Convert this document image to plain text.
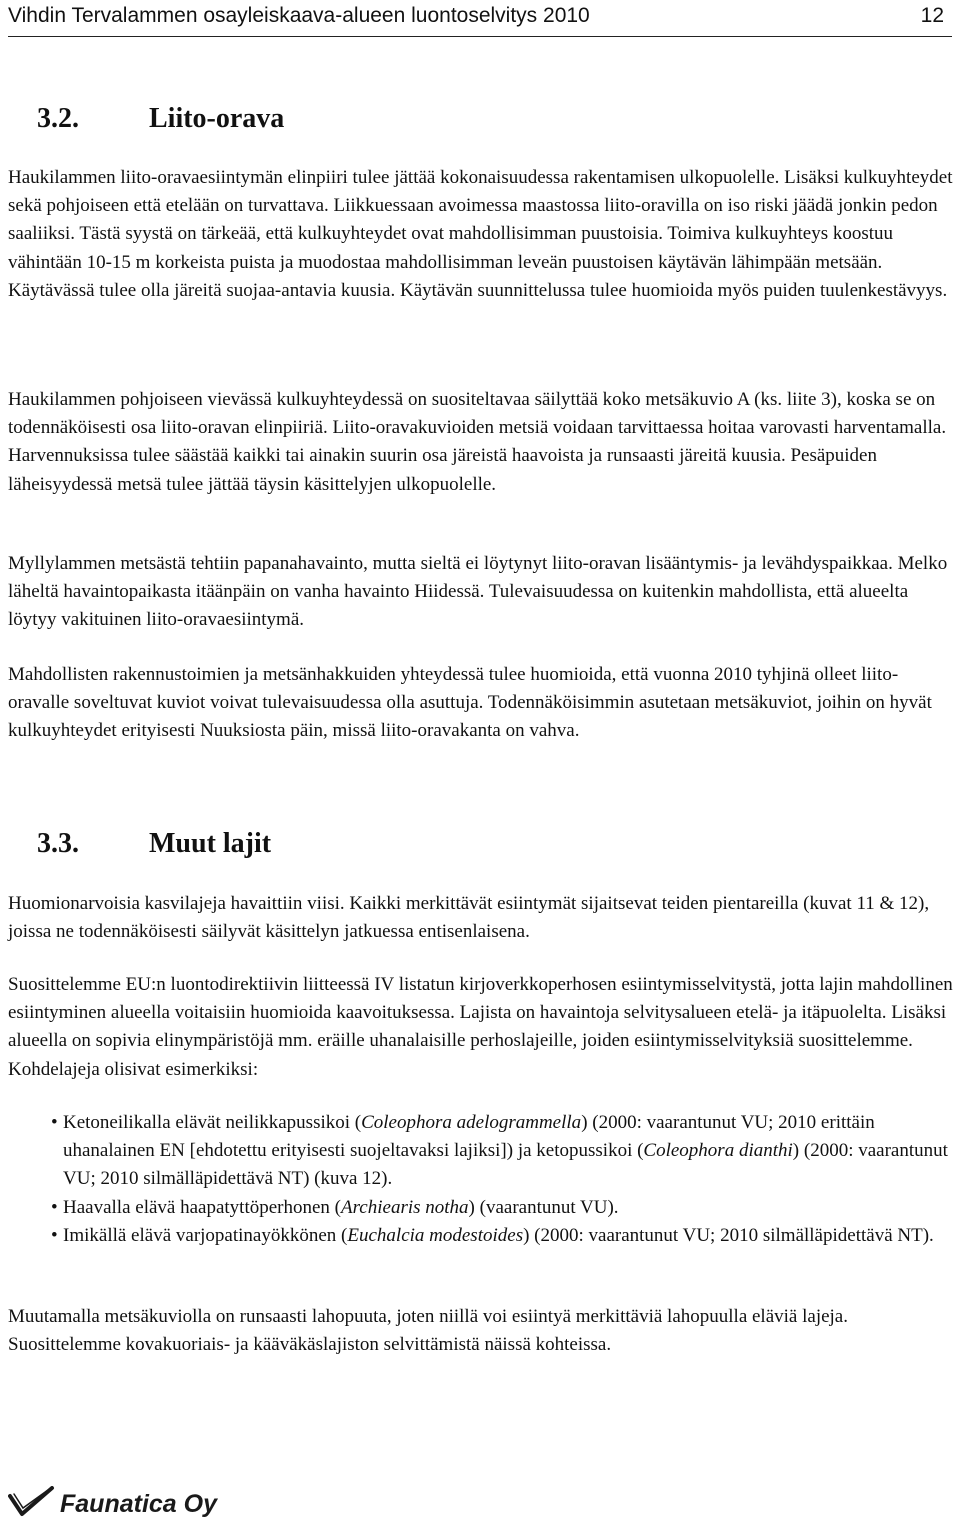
Vihdin Tervalammen osayleiskaava-alueen luontoselvitys 2010	12
3.2.	Liito-orava

Haukilammen liito-oravaesiintymän elinpiiri tulee jättää kokonaisuudessa rakentamisen ulkopuolelle. Lisäksi kulkuyhteydet sekä pohjoiseen että etelään on turvattava. Liikkuessaan avoimessa maastossa liito-oravilla on iso riski jäädä jonkin pedon saaliiksi. Tästä syystä on tärkeää, että kulkuyhteydet ovat mahdollisimman puustoisia. Toimiva kulkuyhteys koostuu vähintään 10-15 m korkeista puista ja muodostaa mahdollisimman leveän puustoisen käytävän lähimpään metsään. Käytävässä tulee olla järeitä suojaa-antavia kuusia. Käytävän suunnittelussa tulee huomioida myös puiden tuulenkestävyys.

Haukilammen pohjoiseen vievässä kulkuyhteydessä on suositeltavaa säilyttää koko metsäkuvio A (ks. liite 3), koska se on todennäköisesti osa liito-oravan elinpiiriä. Liito-oravakuvioiden metsiä voidaan tarvittaessa hoitaa varovasti harventamalla. Harvennuksissa tulee säästää kaikki tai ainakin suurin osa järeistä haavoista ja runsaasti järeitä kuusia. Pesäpuiden läheisyydessä metsä tulee jättää täysin käsittelyjen ulkopuolelle.

Myllylammen metsästä tehtiin papanahavainto, mutta sieltä ei löytynyt liito-oravan lisääntymis- ja levähdyspaikkaa. Melko läheltä havaintopaikasta itäänpäin on vanha havainto Hiidessä. Tulevaisuudessa on kuitenkin mahdollista, että alueelta löytyy vakituinen liito-oravaesiintymä.

Mahdollisten rakennustoimien ja metsänhakkuiden yhteydessä tulee huomioida, että vuonna 2010 tyhjinä olleet liito-oravalle soveltuvat kuviot voivat tulevaisuudessa olla asuttuja. Todennäköisimmin asutetaan metsäkuviot, joihin on hyvät kulkuyhteydet erityisesti Nuuksiosta päin, missä liito-oravakanta on vahva.

3.3.	Muut lajit

Huomionarvoisia kasvilajeja havaittiin viisi. Kaikki merkittävät esiintymät sijaitsevat teiden pientareilla (kuvat 11 & 12), joissa ne todennäköisesti säilyvät käsittelyn jatkuessa entisenlaisena.

Suosittelemme EU:n luontodirektiivin liitteessä IV listatun kirjoverkkoperhosen esiintymisselvitystä, jotta lajin mahdollinen esiintyminen alueella voitaisiin huomioida kaavoituksessa. Lajista on havaintoja selvitysalueen etelä- ja itäpuolelta. Lisäksi alueella on sopivia elinympäristöjä mm. eräille uhanalaisille perhoslajeille, joiden esiintymisselvityksiä suosittelemme. Kohdelajeja olisivat esimerkiksi:

• Ketoneilikalla elävät neilikkapussikoi (Coleophora adelogrammella) (2000: vaarantunut VU; 2010 erittäin uhanalainen EN [ehdotettu erityisesti suojeltavaksi lajiksi]) ja ketopussikoi (Coleophora dianthi) (2000: vaarantunut VU; 2010 silmälläpidettävä NT) (kuva 12).
• Haavalla elävä haapatyttöperhonen (Archiearis notha) (vaarantunut VU).
• Imikällä elävä varjopatinayökkönen (Euchalcia modestoides) (2000: vaarantunut VU; 2010 silmälläpidettävä NT).

Muutamalla metsäkuviolla on runsaasti lahopuuta, joten niillä voi esiintyä merkittäviä lahopuulla eläviä lajeja. Suosittelemme kovakuoriais- ja kääväkäslajiston selvittämistä näissä kohteissa.

Faunatica Oy
